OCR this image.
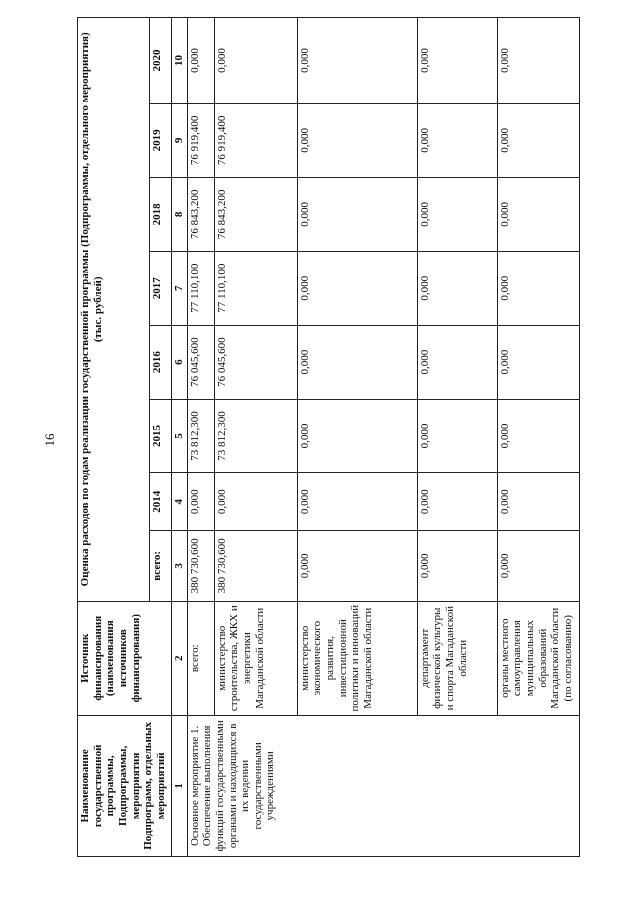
16
Наименование государственной программы, Подпрограммы, мероприятия Подпрограмм, отдельных мероприятий	Источник финансирования (наименования источников финансирования)	Оценка расходов по годам реализации государственной программы (Подпрограммы, отдельного мероприятия) (тыс. рублей)							
		всего:	2014	2015	2016	2017	2018	2019	2020
1	2	3	4	5	6	7	8	9	10
Основное мероприятие 1. Обеспечение выполнения функций государственными органами и находящихся в их ведении государственными учреждениями	всего:	380 730,600	0,000	73 812,300	76 045,600	77 110,100	76 843,200	76 919,400	0,000
	министерство строительства, ЖКХ и энергетики Магаданской области	380 730,600	0,000	73 812,300	76 045,600	77 110,100	76 843,200	76 919,400	0,000
	министерство экономического развития, инвестиционной политики и инноваций Магаданской области	0,000	0,000	0,000	0,000	0,000	0,000	0,000	0,000
	департамент физической культуры и спорта Магаданской области	0,000	0,000	0,000	0,000	0,000	0,000	0,000	0,000
	органы местного самоуправления муниципальных образований Магаданской области (по согласованию)	0,000	0,000	0,000	0,000	0,000	0,000	0,000	0,000
